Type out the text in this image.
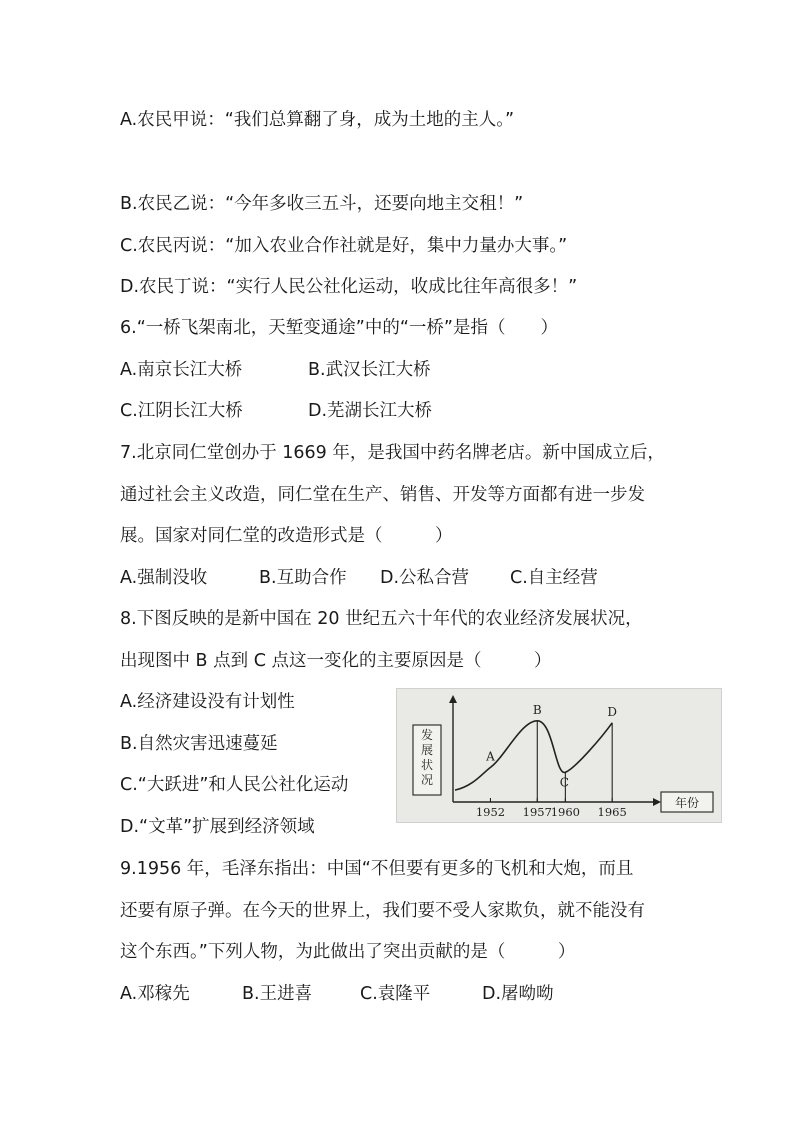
A.农民甲说：“我们总算翻了身，成为土地的主人。”
B.农民乙说：“今年多收三五斗，还要向地主交租！”
C.农民丙说：“加入农业合作社就是好，集中力量办大事。”
D.农民丁说：“实行人民公社化运动，收成比往年高很多！”
6.“一桥飞架南北，天堑变通途”中的“一桥”是指（　　）
A.南京长江大桥	B.武汉长江大桥
C.江阴长江大桥	D.芜湖长江大桥
7.北京同仁堂创办于 1669 年，是我国中药名牌老店。新中国成立后，
通过社会主义改造，同仁堂在生产、销售、开发等方面都有进一步发
展。国家对同仁堂的改造形式是（　　　）
A.强制没收	B.互助合作 D.公私合营 C.自主经营
8.下图反映的是新中国在 20 世纪五六十年代的农业经济发展状况，
出现图中 B 点到 C 点这一变化的主要原因是（　　　）
A.经济建设没有计划性
B.自然灾害迅速蔓延
C.“大跃进”和人民公社化运动
D.“文革”扩展到经济领域
发展状况
年份
1952
A
1957
B
1960
C
1965
D
9.1956 年，毛泽东指出：中国“不但要有更多的飞机和大炮，而且
还要有原子弹。在今天的世界上，我们要不受人家欺负，就不能没有
这个东西。”下列人物，为此做出了突出贡献的是（　　　）
A.邓稼先	B.王进喜	C.袁隆平	D.屠呦呦
